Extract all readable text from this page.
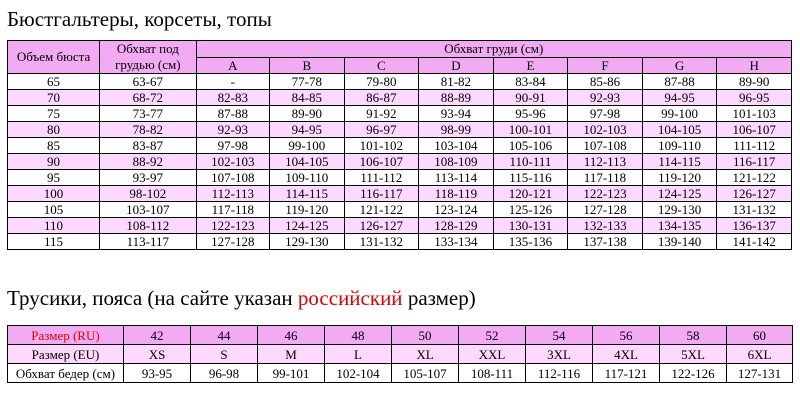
Бюстгальтеры, корсеты, топы
Объем бюста	Обхват под грудью (см)	Обхват груди (см)							
		A	B	C	D	E	F	G	H
65	63-67	-	77-78	79-80	81-82	83-84	85-86	87-88	89-90
70	68-72	82-83	84-85	86-87	88-89	90-91	92-93	94-95	96-95
75	73-77	87-88	89-90	91-92	93-94	95-96	97-98	99-100	101-103
80	78-82	92-93	94-95	96-97	98-99	100-101	102-103	104-105	106-107
85	83-87	97-98	99-100	101-102	103-104	105-106	107-108	109-110	111-112
90	88-92	102-103	104-105	106-107	108-109	110-111	112-113	114-115	116-117
95	93-97	107-108	109-110	111-112	113-114	115-116	117-118	119-120	121-122
100	98-102	112-113	114-115	116-117	118-119	120-121	122-123	124-125	126-127
105	103-107	117-118	119-120	121-122	123-124	125-126	127-128	129-130	131-132
110	108-112	122-123	124-125	126-127	128-129	130-131	132-133	134-135	136-137
115	113-117	127-128	129-130	131-132	133-134	135-136	137-138	139-140	141-142
Трусики, пояса (на сайте указан российский размер)
Размер (RU)	42	44	46	48	50	52	54	56	58	60
Размер (EU)	XS	S	M	L	XL	XXL	3XL	4XL	5XL	6XL
Обхват бедер (см)	93-95	96-98	99-101	102-104	105-107	108-111	112-116	117-121	122-126	127-131
